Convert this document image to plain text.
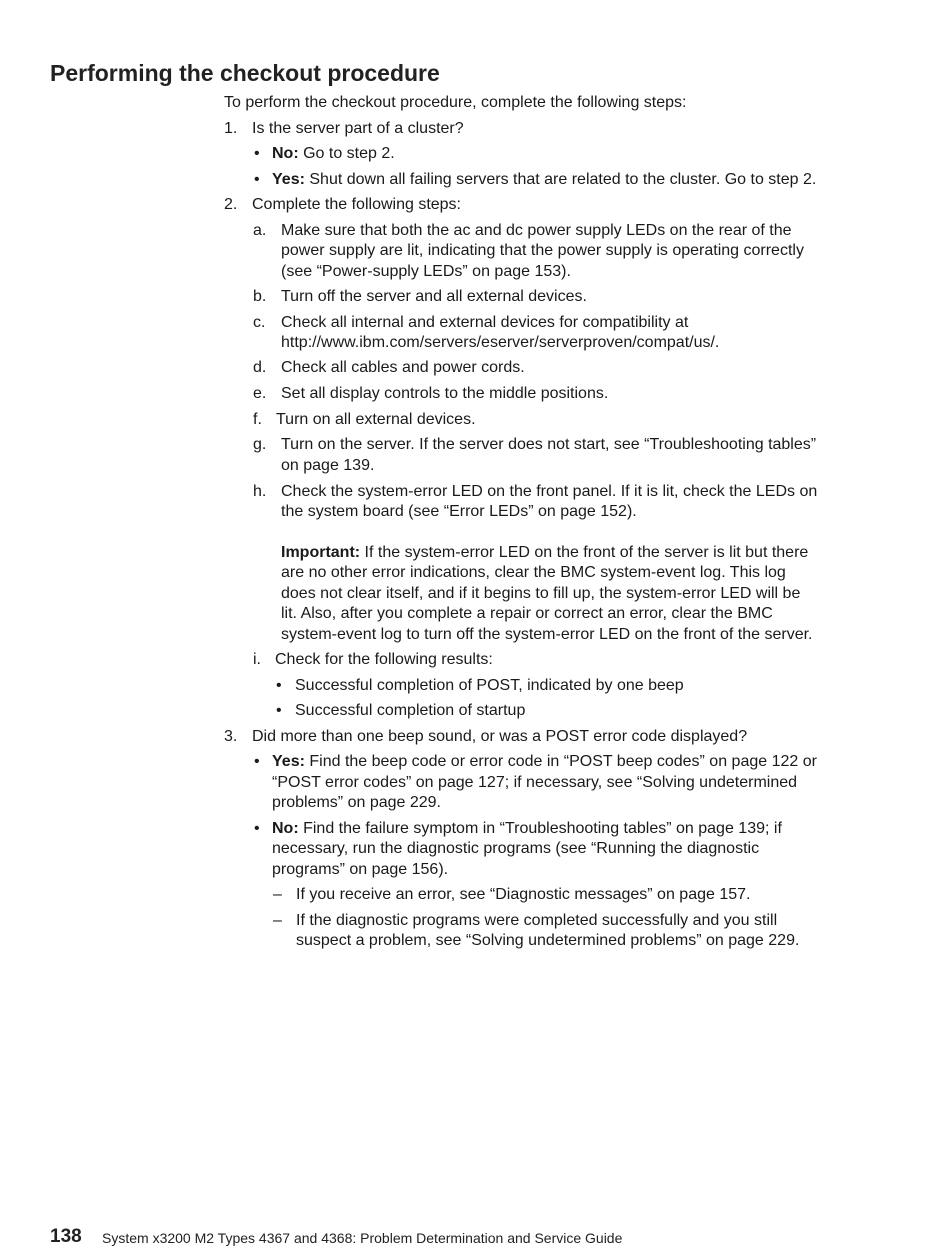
Performing the checkout procedure
To perform the checkout procedure, complete the following steps:
1. Is the server part of a cluster?
• No: Go to step 2.
• Yes: Shut down all failing servers that are related to the cluster. Go to step 2.
2. Complete the following steps:
a. Make sure that both the ac and dc power supply LEDs on the rear of the
power supply are lit, indicating that the power supply is operating correctly
(see “Power-supply LEDs” on page 153).
b. Turn off the server and all external devices.
c. Check all internal and external devices for compatibility at
http://www.ibm.com/servers/eserver/serverproven/compat/us/.
d. Check all cables and power cords.
e. Set all display controls to the middle positions.
f. Turn on all external devices.
g. Turn on the server. If the server does not start, see “Troubleshooting tables”
on page 139.
h. Check the system-error LED on the front panel. If it is lit, check the LEDs on
the system board (see “Error LEDs” on page 152).
Important: If the system-error LED on the front of the server is lit but there
are no other error indications, clear the BMC system-event log. This log
does not clear itself, and if it begins to fill up, the system-error LED will be
lit. Also, after you complete a repair or correct an error, clear the BMC
system-event log to turn off the system-error LED on the front of the server.
i. Check for the following results:
• Successful completion of POST, indicated by one beep
• Successful completion of startup
3. Did more than one beep sound, or was a POST error code displayed?
• Yes: Find the beep code or error code in “POST beep codes” on page 122 or
“POST error codes” on page 127; if necessary, see “Solving undetermined
problems” on page 229.
• No: Find the failure symptom in “Troubleshooting tables” on page 139; if
necessary, run the diagnostic programs (see “Running the diagnostic
programs” on page 156).
– If you receive an error, see “Diagnostic messages” on page 157.
– If the diagnostic programs were completed successfully and you still
suspect a problem, see “Solving undetermined problems” on page 229.
138 System x3200 M2 Types 4367 and 4368: Problem Determination and Service Guide
